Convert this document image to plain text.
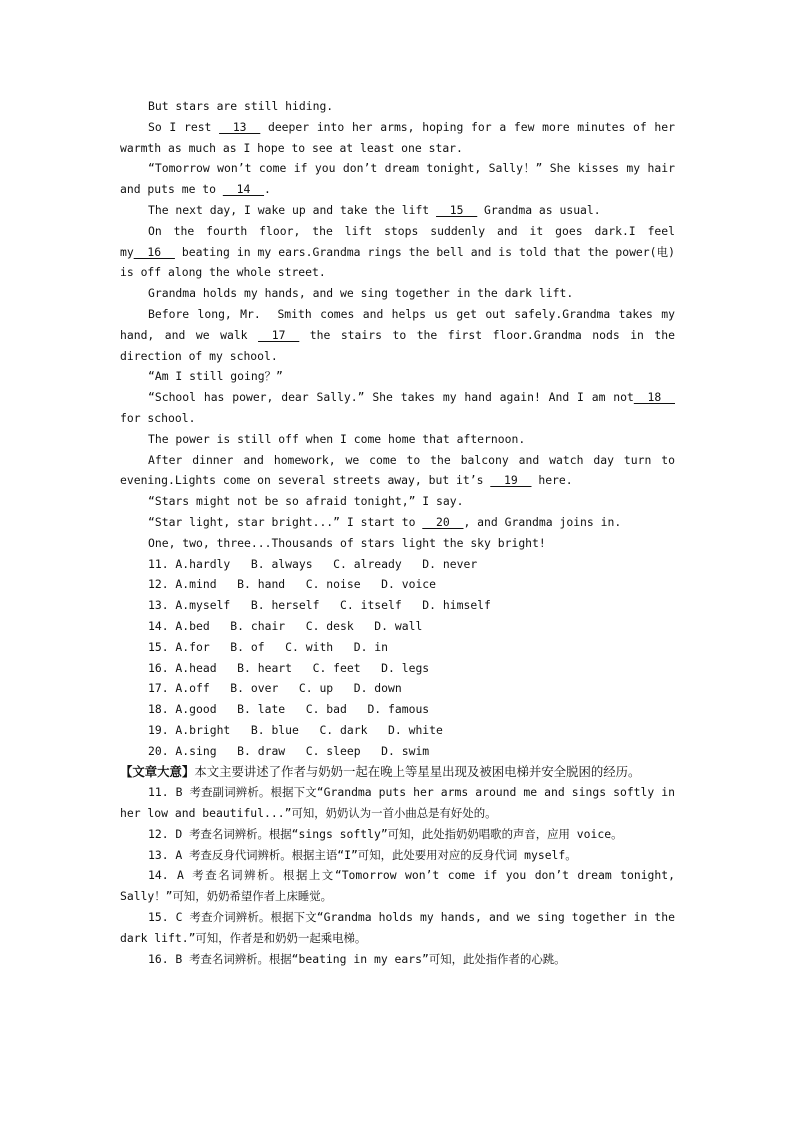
But stars are still hiding.

So I rest __13__ deeper into her arms, hoping for a few more minutes of her warmth as much as I hope to see at least one star.

“Tomorrow won’t come if you don’t dream tonight, Sally！” She kisses my hair and puts me to __14__.

The next day, I wake up and take the lift __15__ Grandma as usual.

On the fourth floor, the lift stops suddenly and it goes dark.I feel my__16__ beating in my ears.Grandma rings the bell and is told that the power(电) is off along the whole street.

Grandma holds my hands, and we sing together in the dark lift.

Before long, Mr.  Smith comes and helps us get out safely.Grandma takes my hand, and we walk __17__ the stairs to the first floor.Grandma nods in the direction of my school.

“Am I still going？”

“School has power, dear Sally.” She takes my hand again! And I am not__18__ for school.

The power is still off when I come home that afternoon.

After dinner and homework, we come to the balcony and watch day turn to evening.Lights come on several streets away, but it’s __19__ here.

“Stars might not be so afraid tonight,” I say.

“Star light, star bright...” I start to __20__, and Grandma joins in.

One, two, three...Thousands of stars light the sky bright!

11. A.hardly   B. always   C. already   D. never

12. A.mind   B. hand   C. noise   D. voice

13. A.myself   B. herself   C. itself   D. himself

14. A.bed   B. chair   C. desk   D. wall

15. A.for   B. of   C. with   D. in

16. A.head   B. heart   C. feet   D. legs

17. A.off   B. over   C. up   D. down

18. A.good   B. late   C. bad   D. famous

19. A.bright   B. blue   C. dark   D. white

20. A.sing   B. draw   C. sleep   D. swim

【文章大意】本文主要讲述了作者与奶奶一起在晚上等星星出现及被困电梯并安全脱困的经历。

11. B 考查副词辨析。根据下文“Grandma puts her arms around me and sings softly in her low and beautiful...”可知，奶奶认为一首小曲总是有好处的。

12. D 考查名词辨析。根据“sings softly”可知，此处指奶奶唱歌的声音，应用 voice。

13. A 考查反身代词辨析。根据主语“I”可知，此处要用对应的反身代词 myself。

14. A 考查名词辨析。根据上文“Tomorrow won’t come if you don’t dream tonight, Sally！”可知，奶奶希望作者上床睡觉。

15. C 考查介词辨析。根据下文“Grandma holds my hands, and we sing together in the dark lift.”可知，作者是和奶奶一起乘电梯。

16. B 考查名词辨析。根据“beating in my ears”可知，此处指作者的心跳。
